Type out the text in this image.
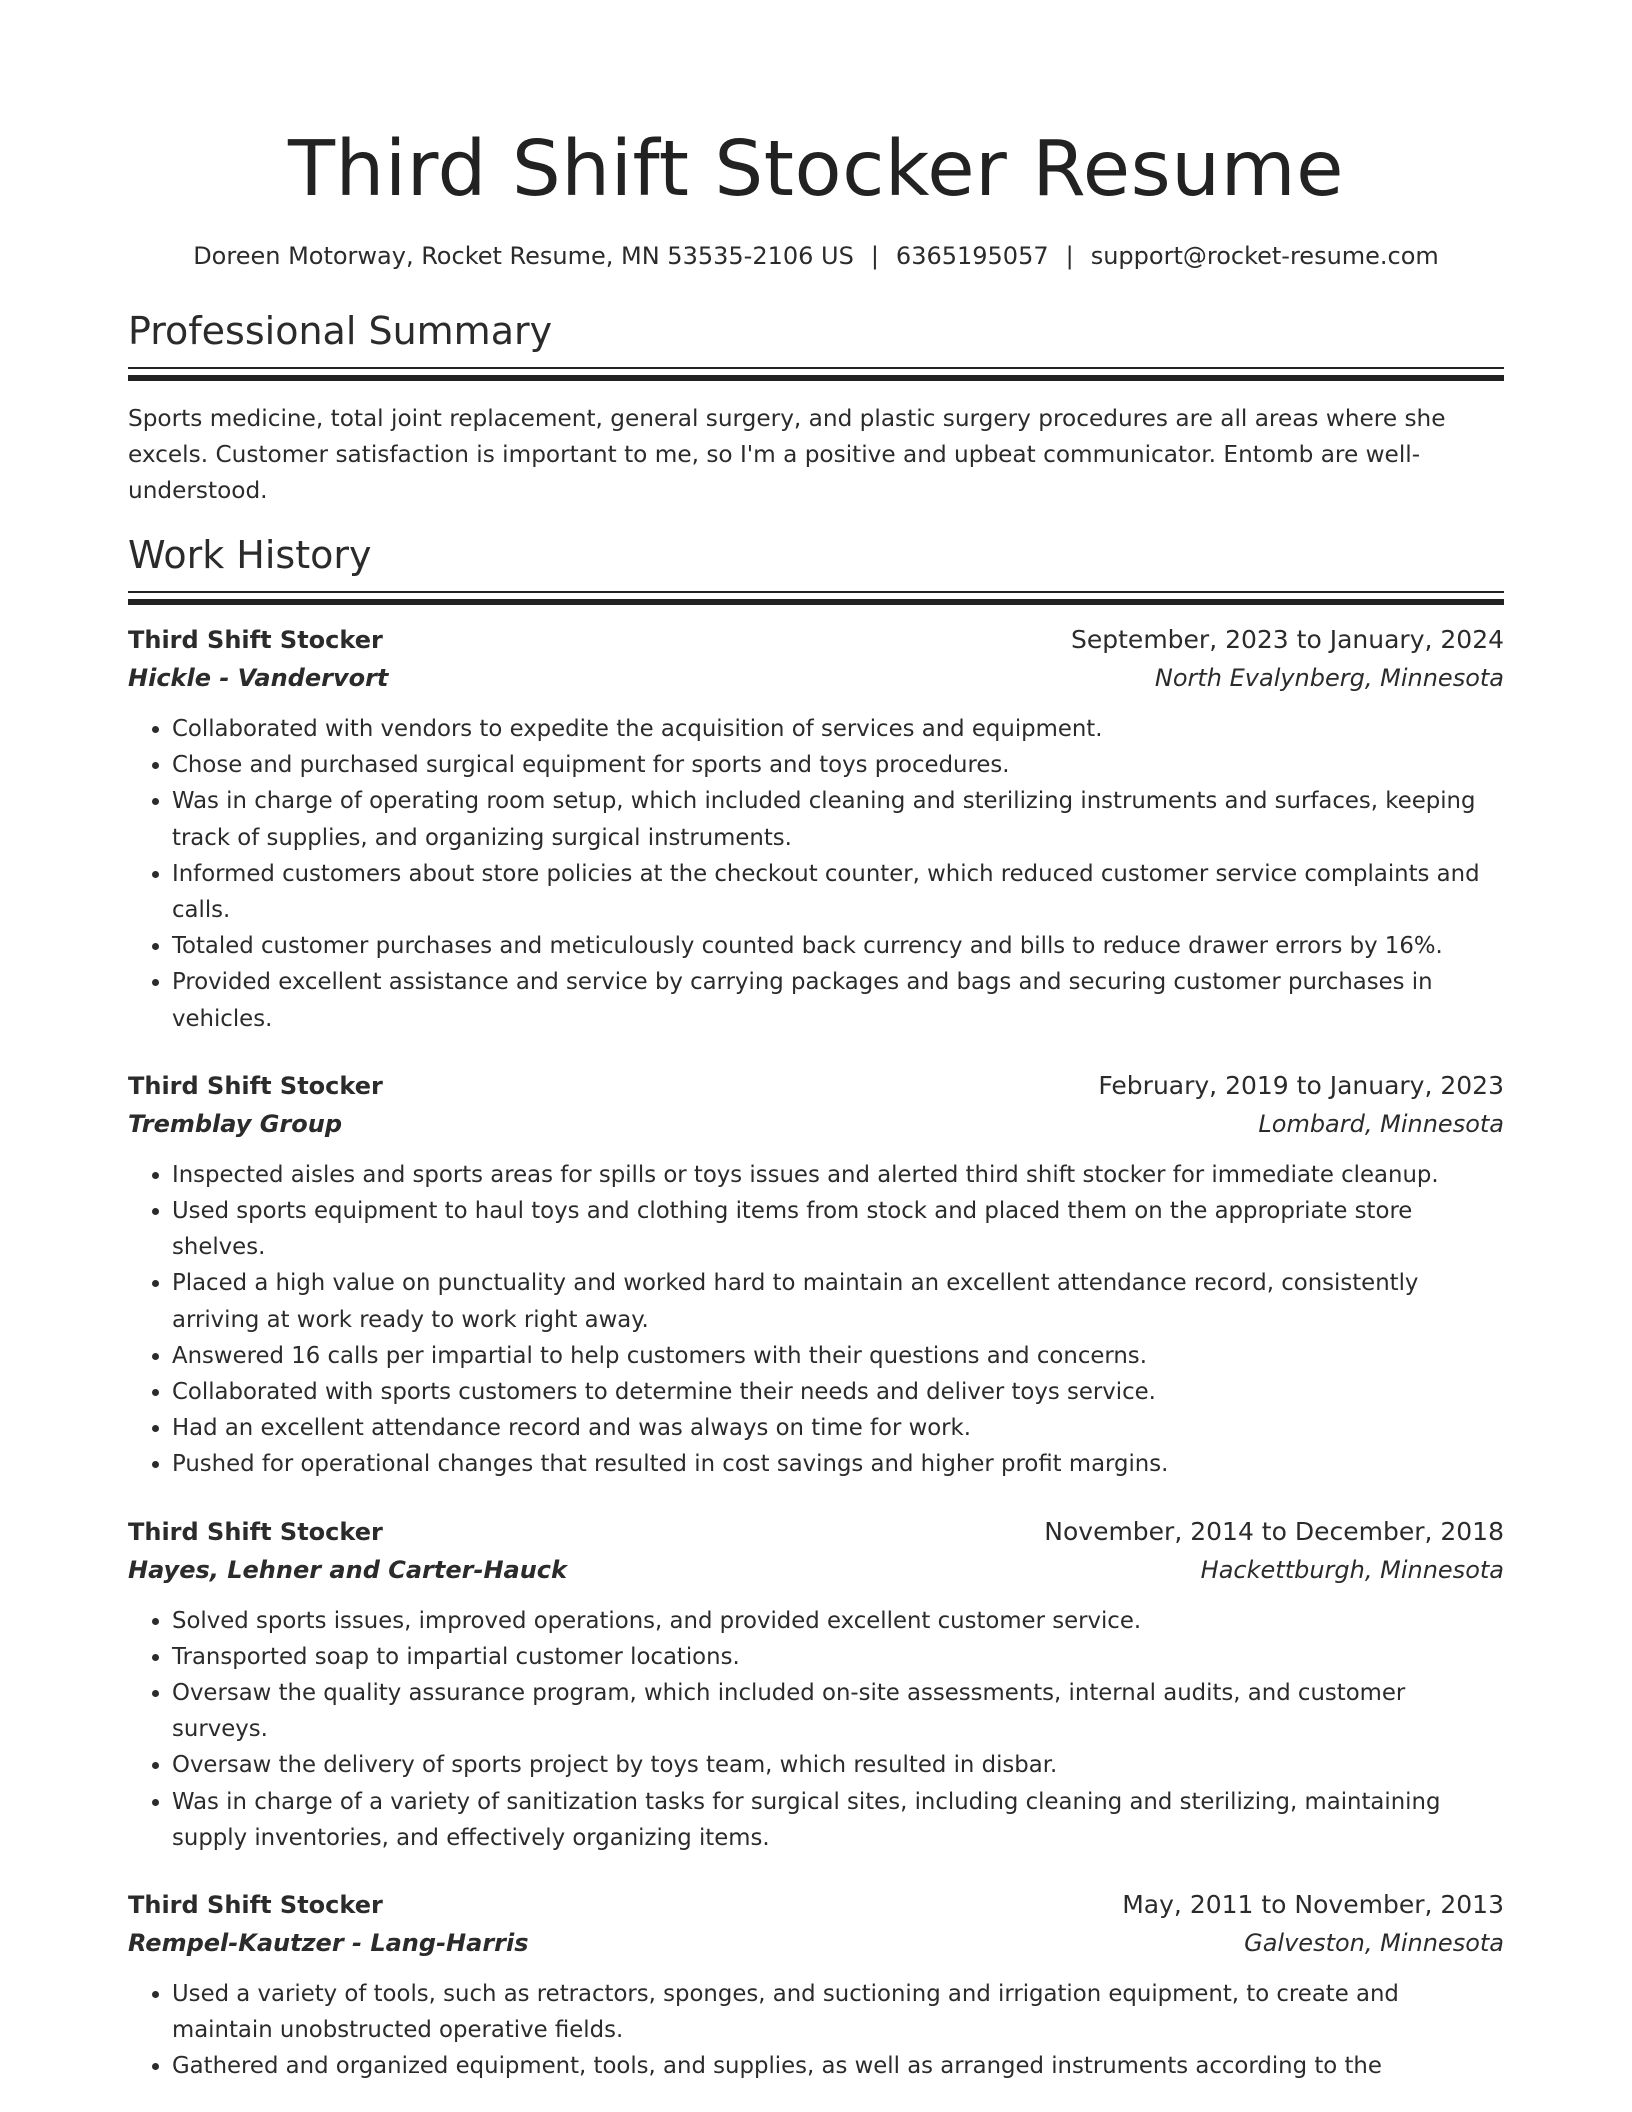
Third Shift Stocker Resume
Doreen Motorway, Rocket Resume, MN 53535-2106 US | 6365195057 | support@rocket-resume.com
Professional Summary
Sports medicine, total joint replacement, general surgery, and plastic surgery procedures are all areas where she excels. Customer satisfaction is important to me, so I'm a positive and upbeat communicator. Entomb are well-understood.
Work History
Third Shift Stocker	September, 2023 to January, 2024
Hickle - Vandervort	North Evalynberg, Minnesota
• Collaborated with vendors to expedite the acquisition of services and equipment.
• Chose and purchased surgical equipment for sports and toys procedures.
• Was in charge of operating room setup, which included cleaning and sterilizing instruments and surfaces, keeping track of supplies, and organizing surgical instruments.
• Informed customers about store policies at the checkout counter, which reduced customer service complaints and calls.
• Totaled customer purchases and meticulously counted back currency and bills to reduce drawer errors by 16%.
• Provided excellent assistance and service by carrying packages and bags and securing customer purchases in vehicles.
Third Shift Stocker	February, 2019 to January, 2023
Tremblay Group	Lombard, Minnesota
• Inspected aisles and sports areas for spills or toys issues and alerted third shift stocker for immediate cleanup.
• Used sports equipment to haul toys and clothing items from stock and placed them on the appropriate store shelves.
• Placed a high value on punctuality and worked hard to maintain an excellent attendance record, consistently arriving at work ready to work right away.
• Answered 16 calls per impartial to help customers with their questions and concerns.
• Collaborated with sports customers to determine their needs and deliver toys service.
• Had an excellent attendance record and was always on time for work.
• Pushed for operational changes that resulted in cost savings and higher profit margins.
Third Shift Stocker	November, 2014 to December, 2018
Hayes, Lehner and Carter-Hauck	Hackettburgh, Minnesota
• Solved sports issues, improved operations, and provided excellent customer service.
• Transported soap to impartial customer locations.
• Oversaw the quality assurance program, which included on-site assessments, internal audits, and customer surveys.
• Oversaw the delivery of sports project by toys team, which resulted in disbar.
• Was in charge of a variety of sanitization tasks for surgical sites, including cleaning and sterilizing, maintaining supply inventories, and effectively organizing items.
Third Shift Stocker	May, 2011 to November, 2013
Rempel-Kautzer - Lang-Harris	Galveston, Minnesota
• Used a variety of tools, such as retractors, sponges, and suctioning and irrigation equipment, to create and maintain unobstructed operative fields.
• Gathered and organized equipment, tools, and supplies, as well as arranged instruments according to the
